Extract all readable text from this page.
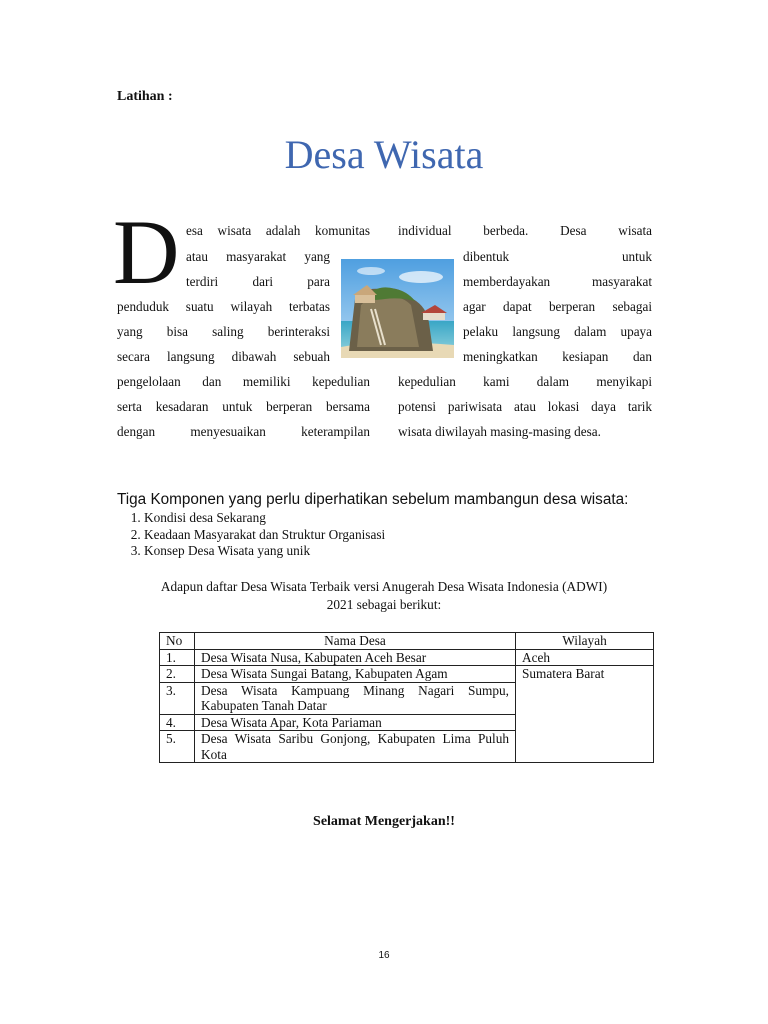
Latihan :
Desa Wisata
D esa wisata adalah komunitas
atau masyarakat yang
terdiri dari para
penduduk suatu wilayah terbatas
yang bisa saling berinteraksi
secara langsung dibawah sebuah
pengelolaan dan memiliki kepedulian
serta kesadaran untuk berperan bersama
dengan menyesuaikan keterampilan
individual berbeda. Desa wisata
dibentuk untuk
memberdayakan masyarakat
agar dapat berperan sebagai
pelaku langsung dalam upaya
meningkatkan kesiapan dan
kepedulian kami dalam menyikapi
potensi pariwisata atau lokasi daya tarik
wisata diwilayah masing-masing desa.
Tiga Komponen yang perlu diperhatikan sebelum mambangun desa wisata:
1. Kondisi desa Sekarang
2. Keadaan Masyarakat dan Struktur Organisasi
3. Konsep Desa Wisata yang unik
Adapun daftar Desa Wisata Terbaik versi Anugerah Desa Wisata Indonesia (ADWI)
2021 sebagai berikut:
No	Nama Desa	Wilayah
1.	Desa Wisata Nusa, Kabupaten Aceh Besar	Aceh
2.	Desa Wisata Sungai Batang, Kabupaten Agam	Sumatera Barat
3.	Desa Wisata Kampuang Minang Nagari Sumpu, Kabupaten Tanah Datar	
4.	Desa Wisata Apar, Kota Pariaman	
5.	Desa Wisata Saribu Gonjong, Kabupaten Lima Puluh Kota	
Selamat Mengerjakan!!
16
